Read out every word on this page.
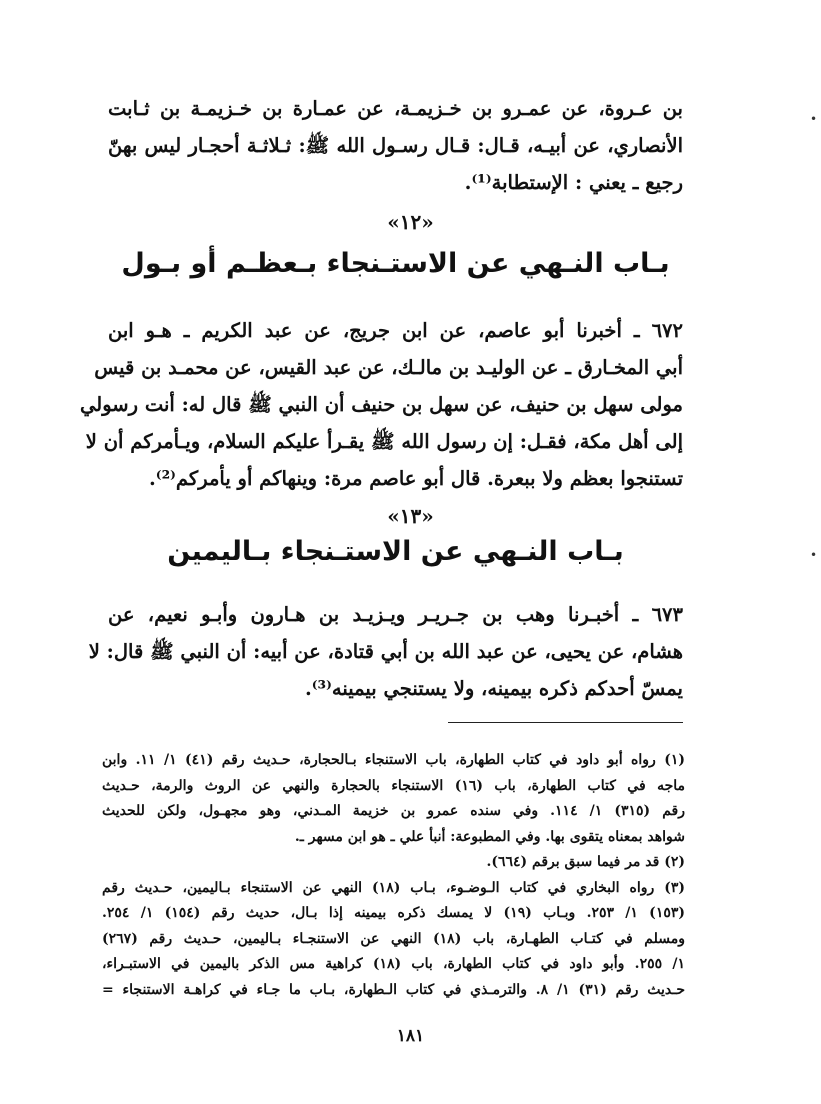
بن عـروة، عن عمـرو بن خـزيمـة، عن عمـارة بن خـزيمـة بن ثـابت
الأنصاري، عن أبيـه، قـال: قـال رسـول الله ﷺ: ثـلاثـة أحجـار ليس بهنّ
رجيع ـ يعني : الإستطابة⁽¹⁾.
«١٢»
بـاب النـهي عن الاستـنجاء بـعظـم أو بـول
٦٧٢ ـ أخبرنا أبو عاصم، عن ابن جريج، عن عبد الكريم ـ هـو ابن
أبي المخـارق ـ عن الوليـد بن مالـك، عن عبد القيس، عن محمـد بن قيس
مولى سهل بن حنيف، عن سهل بن حنيف أن النبي ﷺ قال له: أنت رسولي
إلى أهل مكة، فقـل: إن رسول الله ﷺ يقـرأ عليكم السلام، ويـأمركم أن لا
تستنجوا بعظم ولا ببعرة. قال أبو عاصم مرة: وينهاكم أو يأمركم⁽²⁾.
«١٣»
بـاب النـهي عن الاستـنجاء بـاليمين
٦٧٣ ـ أخبـرنا وهب بن جـريـر ويـزيـد بن هـارون وأبـو نعيم، عن
هشام، عن يحيى، عن عبد الله بن أبي قتادة، عن أبيه: أن النبي ﷺ قال: لا
يمسّ أحدكم ذكره بيمينه، ولا يستنجي بيمينه⁽³⁾.
(١) رواه أبو داود في كتاب الطهارة، باب الاستنجاء بـالحجارة، حـديث رقم (٤١) ١/ ١١. وابن
ماجه في كتاب الطهارة، باب (١٦) الاستنجاء بالحجارة والنهي عن الروث والرمة، حـديث
رقم (٣١٥) ١/ ١١٤. وفي سنده عمرو بن خزيمة المـدني، وهو مجهـول، ولكن للحديث
شواهد بمعناه يتقوى بها. وفي المطبوعة: أنبأ علي ـ هو ابن مسهر ـ.
(٢) قد مر فيما سبق برقم (٦٦٤).
(٣) رواه البخاري في كتاب الـوضـوء، بـاب (١٨) النهي عن الاستنجاء بـاليمين، حـديث رقم
(١٥٣) ١/ ٢٥٣. وبـاب (١٩) لا يمسك ذكره بيمينه إذا بـال، حديث رقم (١٥٤) ١/ ٢٥٤.
ومسلم في كتـاب الطهـارة، باب (١٨) النهي عن الاستنجـاء بـاليمين، حـديث رقم (٢٦٧)
١/ ٢٥٥. وأبو داود في كتاب الطهارة، باب (١٨) كراهية مس الذكر باليمين في الاستبـراء،
حـديث رقم (٣١) ١/ ٨. والترمـذي في كتاب الـطهارة، بـاب ما جـاء في كراهـة الاستنجاء =
١٨١
•
•
